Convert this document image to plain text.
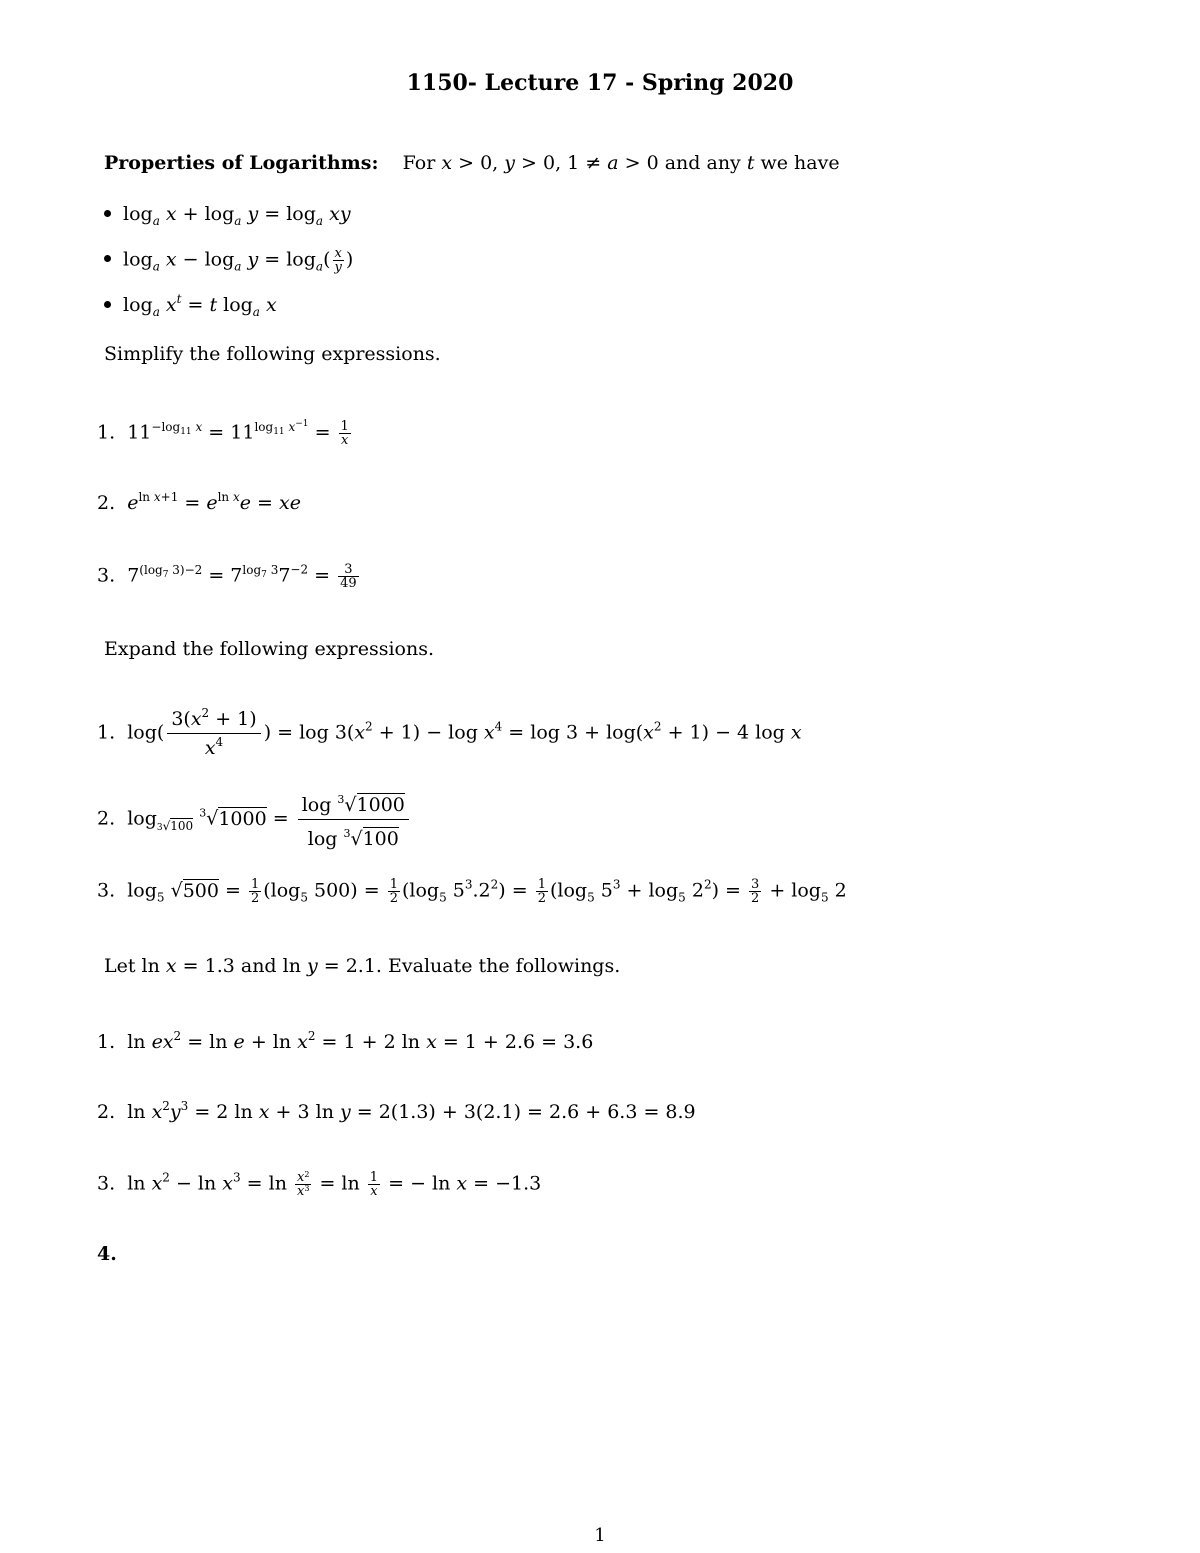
1150- Lecture 17 - Spring 2020
Properties of Logarithms: For x > 0, y > 0, 1 ≠ a > 0 and any t we have
$\log_a x + \log_a y = \log_a$ xy
$\log_a x - \log_a y = \log_a( \frac{x}{y}$ )
$\log_a x^t = t$ $\log_a x$
Simplify the following expressions.
1.  $11^{-log_{11} x} = 11^{log_{11} x^{-1}} = \frac{1}{x}$
2.  $e^{ln x+1} = e^{ln x}e$ = xe
3.  $7^{(log_7 3)-2} = 7^{log_7 3}7^{-2} = \frac{3}{49}$
Expand the following expressions.
1.  $\log( \frac{3(x^2 + 1)}{x^4}$ ) = $\log 3(x^2 + 1) - \log x^4 = \log 3 + \log(x^2 + 1) - 4$ log x
2.  $\log_{3√100} ^3√1000 = \frac{\log ^3√1000}{\log ^3√100}$
3.  $\log_5 √500 = \frac{1}{2} (\log_5$ $500) = \frac{1}{2} (\log_5$ $5^3.2^2) = \frac{1}{2} (\log_5$ $5^3 + \log_5 2^2) = \frac{3}{2} + \log_5 2$
Let ln x = 1.3 and ln y = 2.1. Evaluate the followings.
1.  $\ln ex^2 = \ln e + \ln x^2 = 1 + 2$ ln x = 1 + 2.6 = 3.6
2.  $\ln x^2y^3 = 2$ ln x + 3 ln y = 2(1.3) + 3(2.1) = 2.6 + 6.3 = 8.9
3.  $\ln x^2 - \ln x^3 = \ln \frac{x^2}{x^3} = \ln \frac{1}{x}$ = − ln x = −1.3
4.
1
